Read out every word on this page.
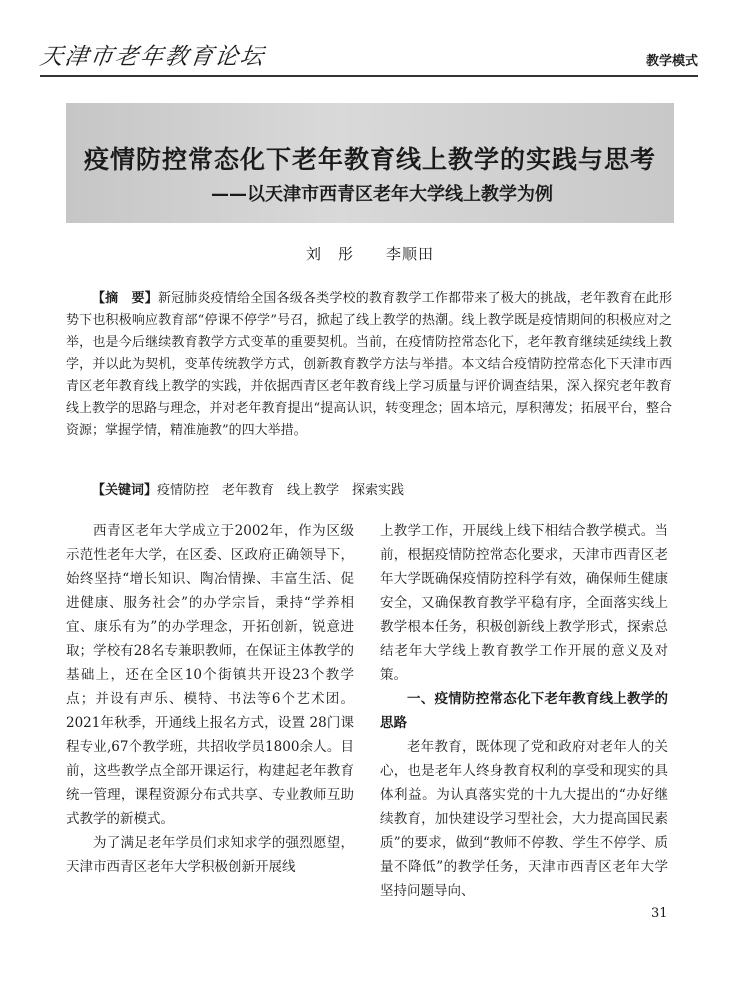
天津市老年教育论坛	教学模式
疫情防控常态化下老年教育线上教学的实践与思考
——以天津市西青区老年大学线上教学为例
刘　彤　　李顺田

【摘　要】新冠肺炎疫情给全国各级各类学校的教育教学工作都带来了极大的挑战，老年教育在此形势下也积极响应教育部“停课不停学”号召，掀起了线上教学的热潮。线上教学既是疫情期间的积极应对之举，也是今后继续教育教学方式变革的重要契机。当前，在疫情防控常态化下，老年教育继续延续线上教学，并以此为契机，变革传统教学方式，创新教育教学方法与举措。本文结合疫情防控常态化下天津市西青区老年教育线上教学的实践，并依据西青区老年教育线上学习质量与评价调查结果，深入探究老年教育线上教学的思路与理念，并对老年教育提出“提高认识，转变理念；固本培元，厚积薄发；拓展平台，整合资源；掌握学情，精准施教”的四大举措。

【关键词】疫情防控　老年教育　线上教学　探索实践

西青区老年大学成立于2002年，作为区级示范性老年大学，在区委、区政府正确领导下，始终坚持“增长知识、陶冶情操、丰富生活、促进健康、服务社会”的办学宗旨，秉持“学养相宜、康乐有为”的办学理念，开拓创新，锐意进取；学校有28名专兼职教师，在保证主体教学的基础上，还在全区10个街镇共开设23个教学点；并设有声乐、模特、书法等6个艺术团。2021年秋季，开通线上报名方式，设置 28门课程专业,67个教学班，共招收学员1800余人。目前，这些教学点全部开课运行，构建起老年教育统一管理，课程资源分布式共享、专业教师互助式教学的新模式。

为了满足老年学员们求知求学的强烈愿望，天津市西青区老年大学积极创新开展线

上教学工作，开展线上线下相结合教学模式。当前，根据疫情防控常态化要求，天津市西青区老年大学既确保疫情防控科学有效，确保师生健康安全，又确保教育教学平稳有序，全面落实线上教学根本任务，积极创新线上教学形式，探索总结老年大学线上教育教学工作开展的意义及对策。

一、疫情防控常态化下老年教育线上教学的思路

老年教育，既体现了党和政府对老年人的关心，也是老年人终身教育权利的享受和现实的具体利益。为认真落实党的十九大提出的“办好继续教育，加快建设学习型社会，大力提高国民素质”的要求，做到“教师不停教、学生不停学、质量不降低”的教学任务，天津市西青区老年大学坚持问题导向、

31
